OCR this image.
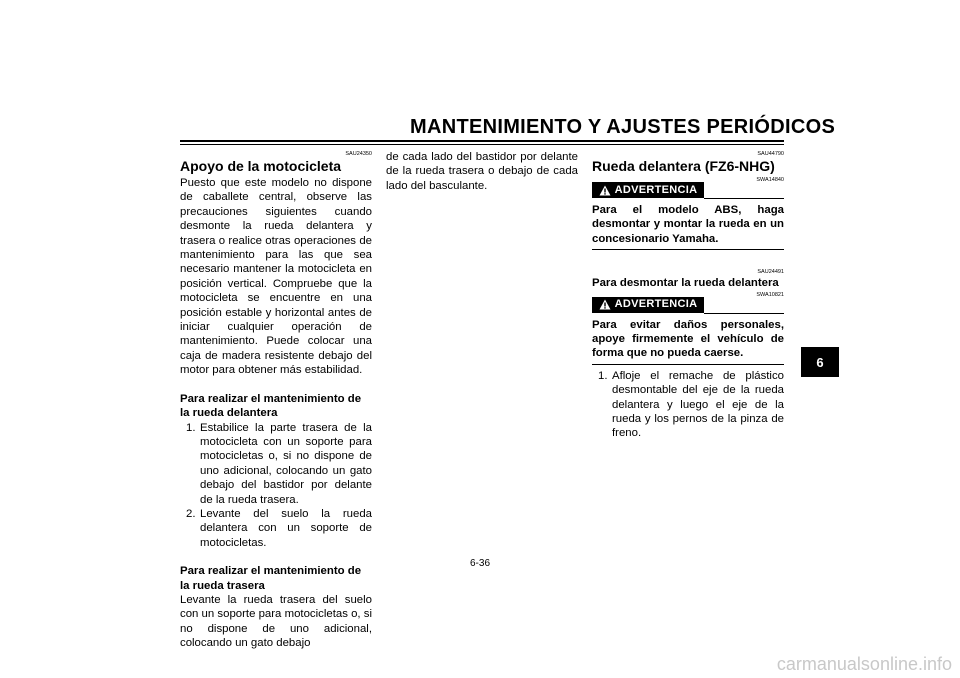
MANTENIMIENTO Y AJUSTES PERIÓDICOS
6
SAU24350
Apoyo de la motocicleta

Puesto que este modelo no dispone de caballete central, observe las precauciones siguientes cuando desmonte la rueda delantera y trasera o realice otras operaciones de mantenimiento para las que sea necesario mantener la motocicleta en posición vertical. Compruebe que la motocicleta se encuentre en una posición estable y horizontal antes de iniciar cualquier operación de mantenimiento. Puede colocar una caja de madera resistente debajo del motor para obtener más estabilidad.

Para realizar el mantenimiento de la rueda delantera
1. Estabilice la parte trasera de la motocicleta con un soporte para motocicletas o, si no dispone de uno adicional, colocando un gato debajo del bastidor por delante de la rueda trasera.
2. Levante del suelo la rueda delantera con un soporte de motocicletas.
Para realizar el mantenimiento de la rueda trasera

Levante la rueda trasera del suelo con un soporte para motocicletas o, si no dispone de uno adicional, colocando un gato debajo

de cada lado del bastidor por delante de la rueda trasera o debajo de cada lado del basculante.

SAU44790
Rueda delantera (FZ6-NHG)
SWA14840
ADVERTENCIA
Para el modelo ABS, haga desmontar y montar la rueda en un concesionario Yamaha.
SAU24491
Para desmontar la rueda delantera
SWA10821
ADVERTENCIA
Para evitar daños personales, apoye firmemente el vehículo de forma que no pueda caerse.
1. Afloje el remache de plástico desmontable del eje de la rueda delantera y luego el eje de la rueda y los pernos de la pinza de freno.
6-36
carmanualsonline.info
